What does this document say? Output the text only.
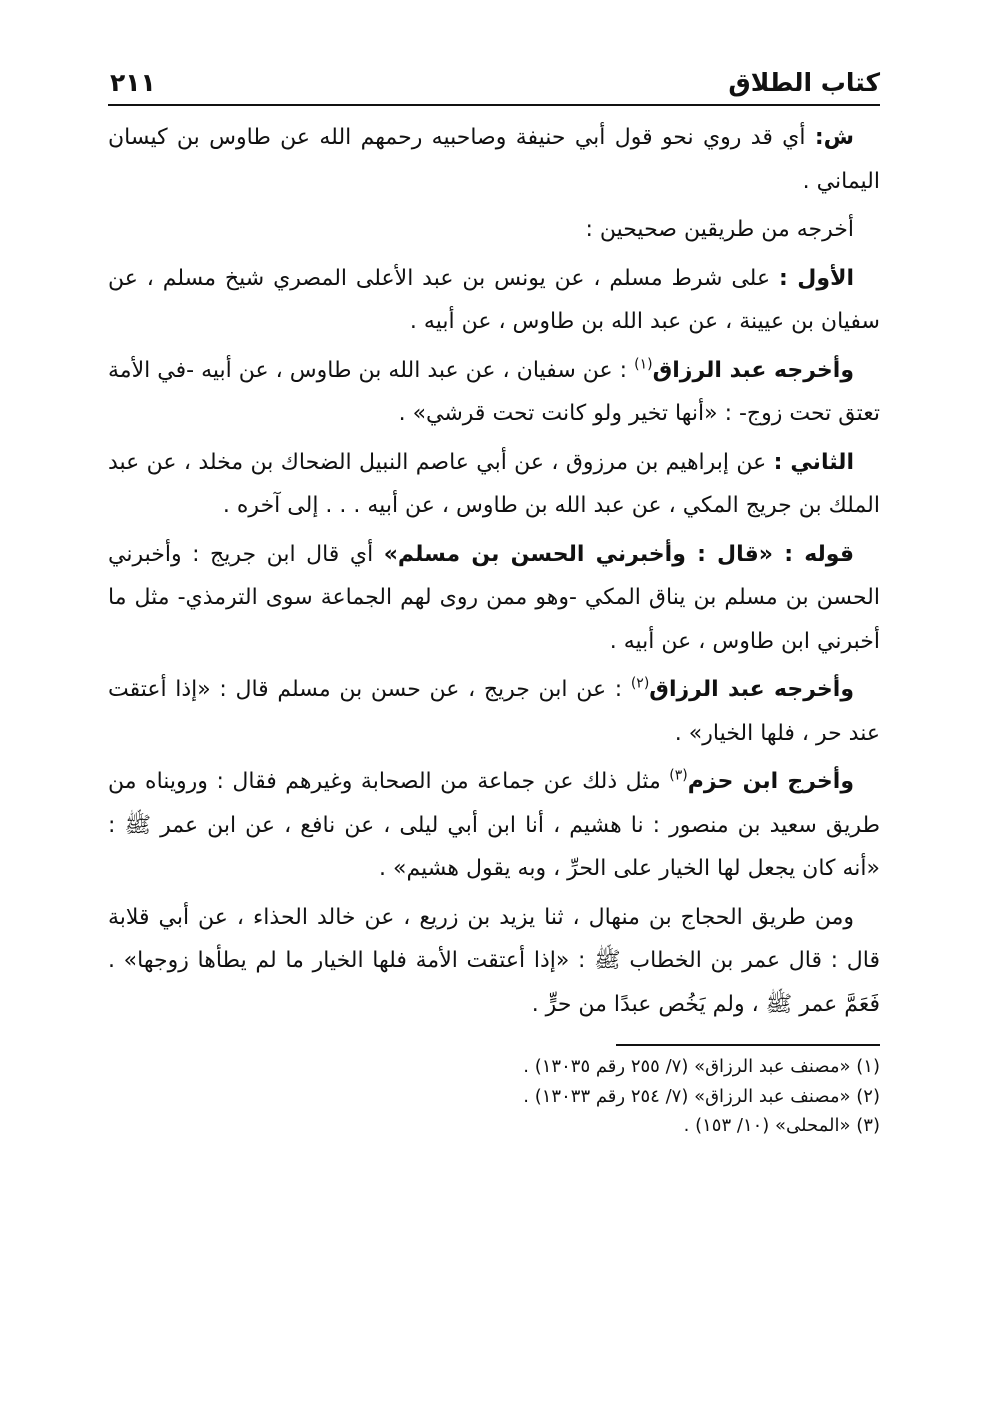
كتاب الطلاق
٢١١

ش: أي قد روي نحو قول أبي حنيفة وصاحبيه رحمهم الله عن طاوس بن كيسان اليماني .

أخرجه من طريقين صحيحين :

الأول : على شرط مسلم ، عن يونس بن عبد الأعلى المصري شيخ مسلم ، عن سفيان بن عيينة ، عن عبد الله بن طاوس ، عن أبيه .

وأخرجه عبد الرزاق$^{(١)}$ : عن سفيان ، عن عبد الله بن طاوس ، عن أبيه -في الأمة تعتق تحت زوج- : «أنها تخير ولو كانت تحت قرشي» .

الثاني : عن إبراهيم بن مرزوق ، عن أبي عاصم النبيل الضحاك بن مخلد ، عن عبد الملك بن جريج المكي ، عن عبد الله بن طاوس ، عن أبيه . . . إلى آخره .

قوله : «قال : وأخبرني الحسن بن مسلم» أي قال ابن جريج : وأخبرني الحسن بن مسلم بن يناق المكي -وهو ممن روى لهم الجماعة سوى الترمذي- مثل ما أخبرني ابن طاوس ، عن أبيه .

وأخرجه عبد الرزاق$^{(٢)}$ : عن ابن جريج ، عن حسن بن مسلم قال : «إذا أعتقت عند حر ، فلها الخيار» .

وأخرج ابن حزم$^{(٣)}$ مثل ذلك عن جماعة من الصحابة وغيرهم فقال : ورويناه من طريق سعيد بن منصور : نا هشيم ، أنا ابن أبي ليلى ، عن نافع ، عن ابن عمر ﷺ : «أنه كان يجعل لها الخيار على الحرِّ ، وبه يقول هشيم» .

ومن طريق الحجاج بن منهال ، ثنا يزيد بن زريع ، عن خالد الحذاء ، عن أبي قلابة قال : قال عمر بن الخطاب ﷺ : «إذا أعتقت الأمة فلها الخيار ما لم يطأها زوجها» . فَعَمَّ عمر ﷺ ، ولم يَخُص عبدًا من حرٍّ .

(١) «مصنف عبد الرزاق» (٧/ ٢٥٥ رقم ١٣٠٣٥) .

(٢) «مصنف عبد الرزاق» (٧/ ٢٥٤ رقم ١٣٠٣٣) .

(٣) «المحلى» (١٠/ ١٥٣) .
